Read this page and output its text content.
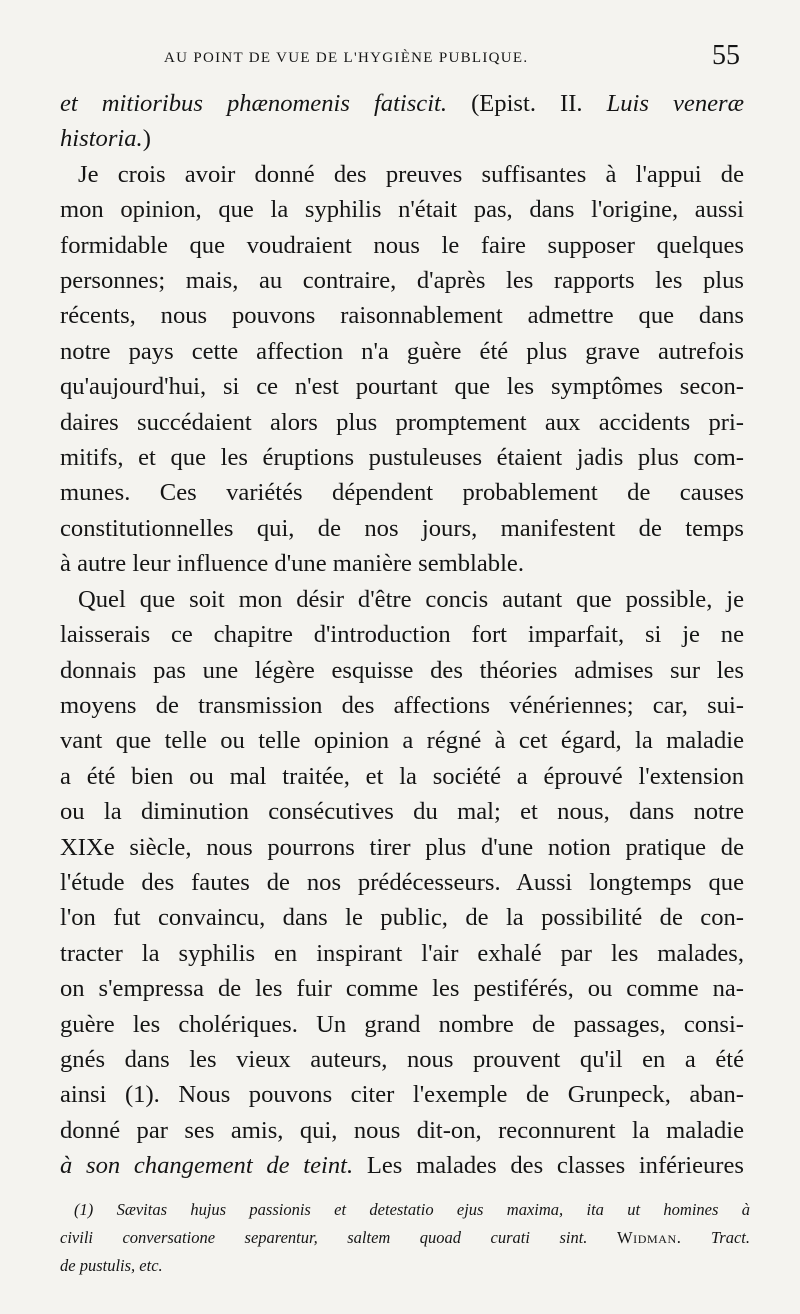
AU POINT DE VUE DE L'HYGIÈNE PUBLIQUE.	55
et mitioribus phænomenis fatiscit. (Epist. II. Luis veneræ
historia.)
Je crois avoir donné des preuves suffisantes à l'appui de
mon opinion, que la syphilis n'était pas, dans l'origine, aussi
formidable que voudraient nous le faire supposer quelques
personnes; mais, au contraire, d'après les rapports les plus
récents, nous pouvons raisonnablement admettre que dans
notre pays cette affection n'a guère été plus grave autrefois
qu'aujourd'hui, si ce n'est pourtant que les symptômes secon-
daires succédaient alors plus promptement aux accidents pri-
mitifs, et que les éruptions pustuleuses étaient jadis plus com-
munes. Ces variétés dépendent probablement de causes
constitutionnelles qui, de nos jours, manifestent de temps
à autre leur influence d'une manière semblable.
Quel que soit mon désir d'être concis autant que possible, je
laisserais ce chapitre d'introduction fort imparfait, si je ne
donnais pas une légère esquisse des théories admises sur les
moyens de transmission des affections vénériennes; car, sui-
vant que telle ou telle opinion a régné à cet égard, la maladie
a été bien ou mal traitée, et la société a éprouvé l'extension
ou la diminution consécutives du mal; et nous, dans notre
XIXe siècle, nous pourrons tirer plus d'une notion pratique de
l'étude des fautes de nos prédécesseurs. Aussi longtemps que
l'on fut convaincu, dans le public, de la possibilité de con-
tracter la syphilis en inspirant l'air exhalé par les malades,
on s'empressa de les fuir comme les pestiférés, ou comme na-
guère les cholériques. Un grand nombre de passages, consi-
gnés dans les vieux auteurs, nous prouvent qu'il en a été
ainsi (1). Nous pouvons citer l'exemple de Grunpeck, aban-
donné par ses amis, qui, nous dit-on, reconnurent la maladie
à son changement de teint. Les malades des classes inférieures
(1) Sævitas hujus passionis et detestatio ejus maxima, ita ut homines à
civili conversatione separentur, saltem quoad curati sint. Widman. Tract.
de pustulis, etc.
